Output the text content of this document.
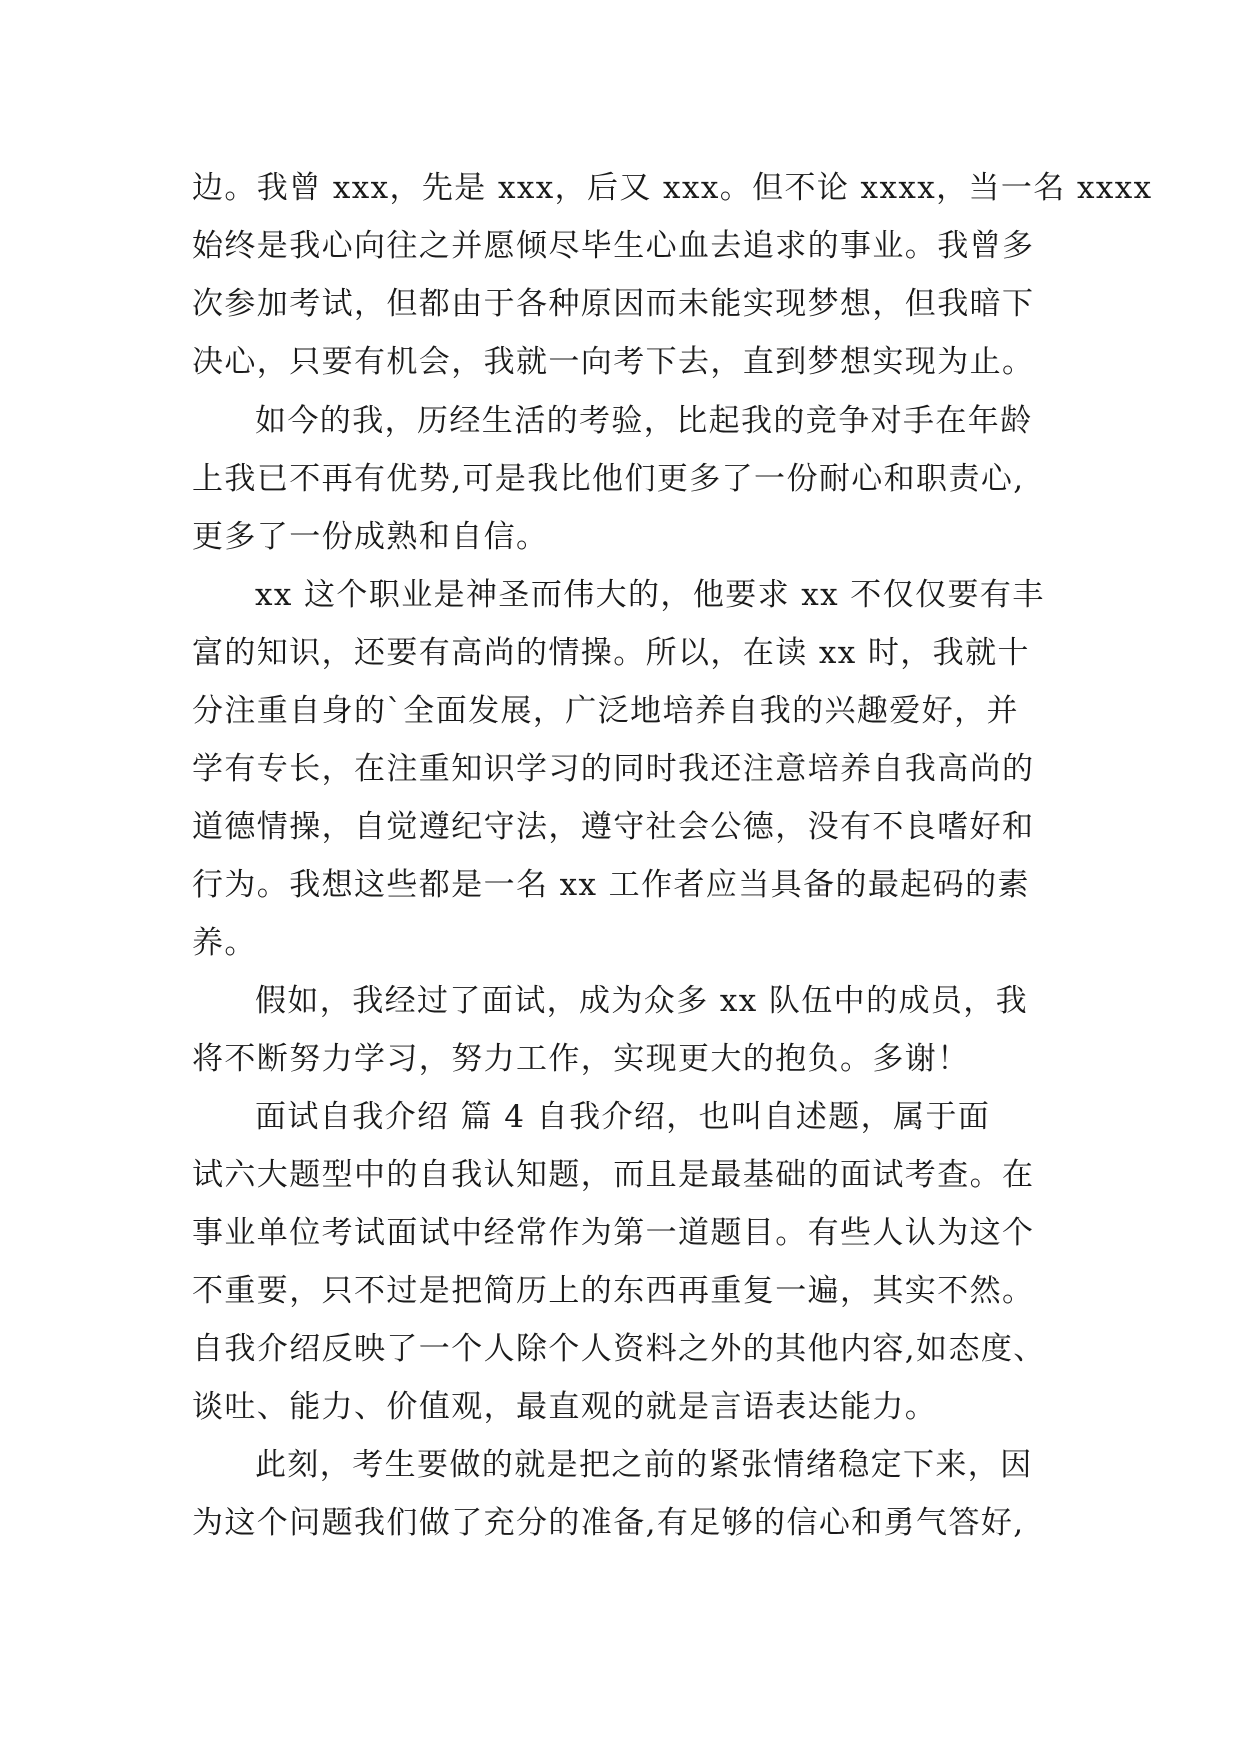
边。我曾 xxx，先是 xxx，后又 xxx。但不论 xxxx，当一名 xxxx
始终是我心向往之并愿倾尽毕生心血去追求的事业。我曾多
次参加考试，但都由于各种原因而未能实现梦想，但我暗下
决心，只要有机会，我就一向考下去，直到梦想实现为止。
如今的我，历经生活的考验，比起我的竞争对手在年龄
上我已不再有优势,可是我比他们更多了一份耐心和职责心,
更多了一份成熟和自信。
xx 这个职业是神圣而伟大的，他要求 xx 不仅仅要有丰
富的知识，还要有高尚的情操。所以，在读 xx 时，我就十
分注重自身的`全面发展，广泛地培养自我的兴趣爱好，并
学有专长，在注重知识学习的同时我还注意培养自我高尚的
道德情操，自觉遵纪守法，遵守社会公德，没有不良嗜好和
行为。我想这些都是一名 xx 工作者应当具备的最起码的素
养。
假如，我经过了面试，成为众多 xx 队伍中的成员，我
将不断努力学习，努力工作，实现更大的抱负。多谢！
面试自我介绍 篇 4 自我介绍，也叫自述题，属于面
试六大题型中的自我认知题，而且是最基础的面试考查。在
事业单位考试面试中经常作为第一道题目。有些人认为这个
不重要，只不过是把简历上的东西再重复一遍，其实不然。
自我介绍反映了一个人除个人资料之外的其他内容,如态度、
谈吐、能力、价值观，最直观的就是言语表达能力。
此刻，考生要做的就是把之前的紧张情绪稳定下来，因
为这个问题我们做了充分的准备,有足够的信心和勇气答好,
